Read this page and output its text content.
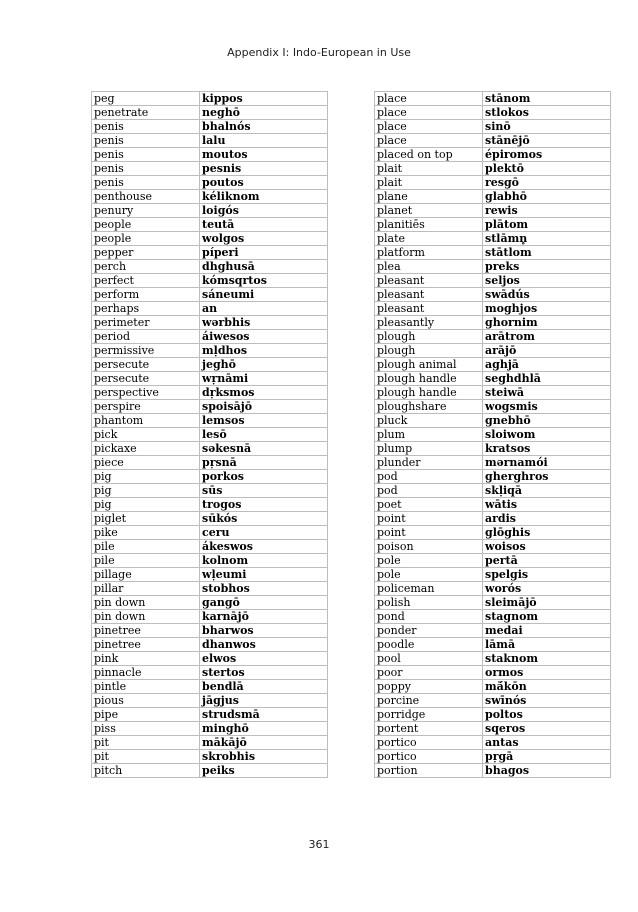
Appendix I: Indo-European in Use
peg	kippos
penetrate	neghō
penis	bhalnós
penis	lalu
penis	moutos
penis	pesnis
penis	poutos
penthouse	kéliknom
penury	loigós
people	teutā
people	wolgos
pepper	píperi
perch	dhghusā
perfect	kómsqrtos
perform	sáneumi
perhaps	an
perimeter	wərbhis
period	áiwesos
permissive	mḷdhos
persecute	jeghō
persecute	wṛnāmi
perspective	dṛksmos
perspire	spoisājō
phantom	lemsos
pick	lesō
pickaxe	səkesnā
piece	pṛsnā
pig	porkos
pig	sūs
pig	trogos
piglet	sūkós
pike	ceru
pile	ákeswos
pile	kolnom
pillage	wḷeumi
pillar	stobhos
pin down	gangō
pin down	karnājō
pinetree	bharwos
pinetree	dhanwos
pink	elwos
pinnacle	stertos
pintle	bendlā
pious	jāgjus
pipe	strudsmā
piss	minghō
pit	mākājō
pit	skrobhis
pitch	peiks
place	stānom
place	stlokos
place	sinō
place	stānējō
placed on top	épiromos
plait	plektō
plait	resgō
plane	glabhō
planet	rewis
planitiēs	plātom
plate	stlāmn̥
platform	stātlom
plea	preks
pleasant	seljos
pleasant	swādús
pleasant	moghjos
pleasantly	ghornim
plough	arātrom
plough	arājō
plough animal	aghjā
plough handle	seghdhlā
plough handle	steiwā
ploughshare	wogsmis
pluck	gnebhō
plum	sloiwom
plump	kratsos
plunder	mərnamói
pod	gherghros
pod	skḷiqā
poet	wātis
point	ardis
point	glōghis
poison	woisos
pole	pertā
pole	spelgis
policeman	worós
polish	sleimājō
pond	stagnom
ponder	medai
poodle	lāmā
pool	staknom
poor	ormos
poppy	mā́kōn
porcine	swīnós
porridge	poltos
portent	sqeros
portico	antas
portico	pṛgā
portion	bhagos
361
